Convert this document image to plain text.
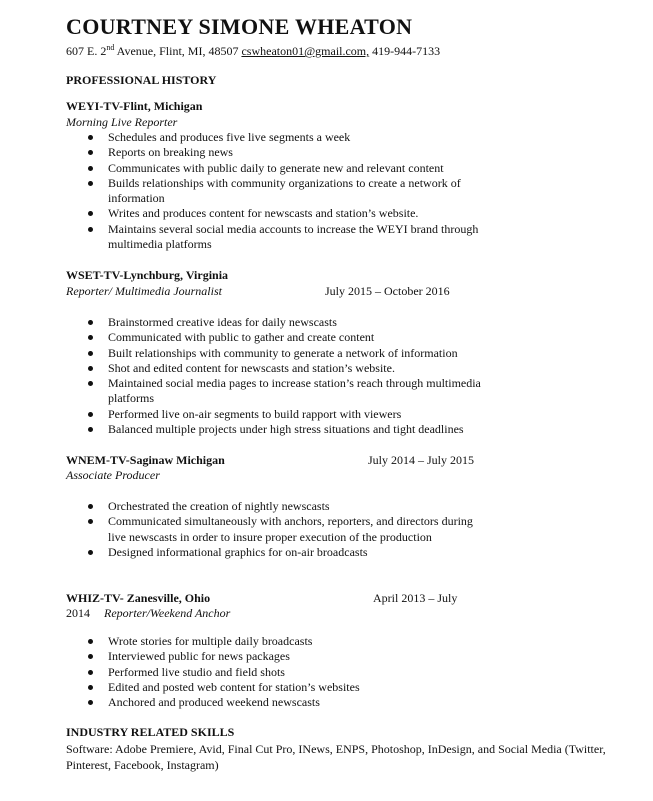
COURTNEY SIMONE WHEATON
607 E. 2nd Avenue, Flint, MI, 48507 cswheaton01@gmail.com, 419-944-7133
PROFESSIONAL HISTORY
WEYI-TV-Flint, Michigan
Morning Live Reporter
Schedules and produces five live segments a week
Reports on breaking news
Communicates with public daily to generate new and relevant content
Builds relationships with community organizations to create a network of information
Writes and produces content for newscasts and station’s website.
Maintains several social media accounts to increase the WEYI brand through multimedia platforms
WSET-TV-Lynchburg, Virginia
Reporter/ Multimedia Journalist	July 2015 – October 2016
Brainstormed creative ideas for daily newscasts
Communicated with public to gather and create content
Built relationships with community to generate a network of information
Shot and edited content for newscasts and station’s website.
Maintained social media pages to increase station’s reach through multimedia platforms
Performed live on-air segments to build rapport with viewers
Balanced multiple projects under high stress situations and tight deadlines
WNEM-TV-Saginaw Michigan	July 2014 – July 2015
Associate Producer
Orchestrated the creation of nightly newscasts
Communicated simultaneously with anchors, reporters, and directors during live newscasts in order to insure proper execution of the production
Designed informational graphics for on-air broadcasts
WHIZ-TV- Zanesville, Ohio	April 2013 – July
2014 Reporter/Weekend Anchor
Wrote stories for multiple daily broadcasts
Interviewed public for news packages
Performed live studio and field shots
Edited and posted web content for station’s websites
Anchored and produced weekend newscasts
INDUSTRY RELATED SKILLS
Software: Adobe Premiere, Avid, Final Cut Pro, INews, ENPS, Photoshop, InDesign, and Social Media (Twitter, Pinterest, Facebook, Instagram)
